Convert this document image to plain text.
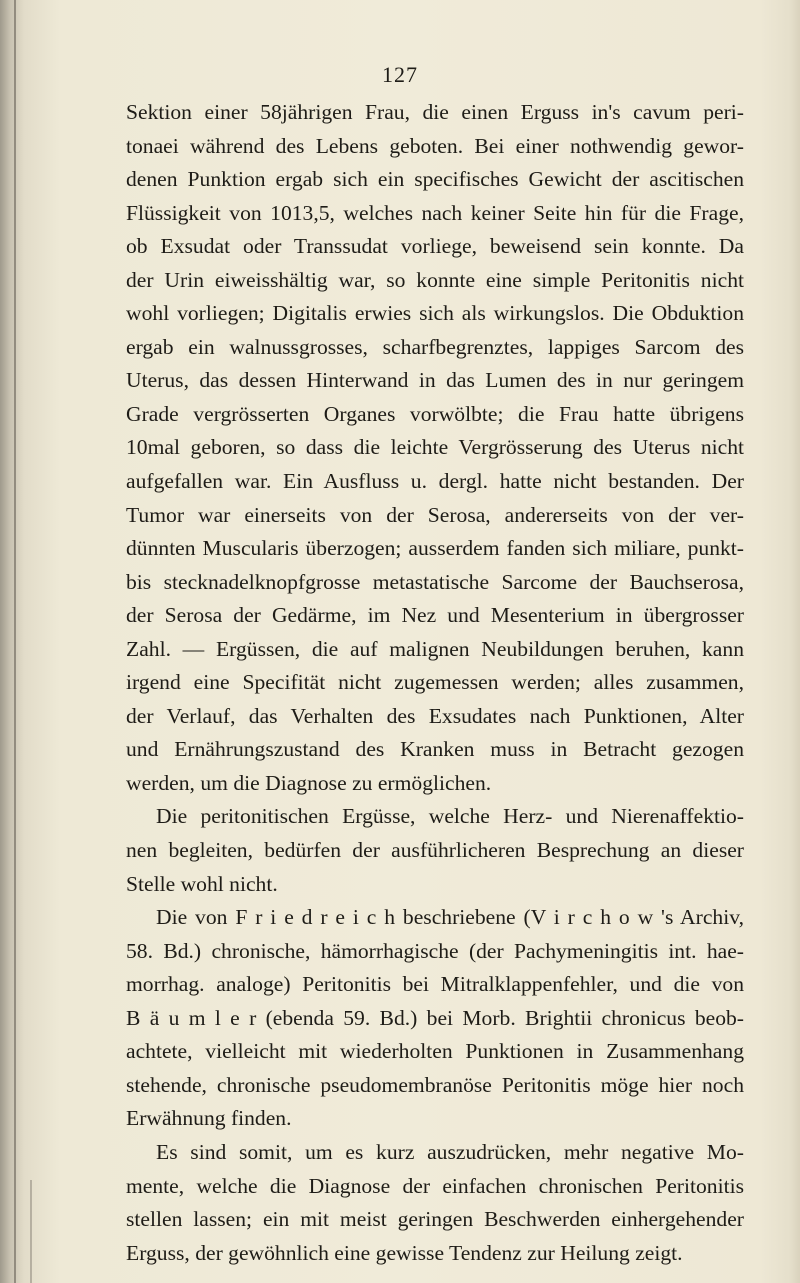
127
Sektion einer 58jährigen Frau, die einen Erguss in's cavum peri-
tonaei während des Lebens geboten. Bei einer nothwendig gewor-
denen Punktion ergab sich ein specifisches Gewicht der ascitischen
Flüssigkeit von 1013,5, welches nach keiner Seite hin für die Frage,
ob Exsudat oder Transsudat vorliege, beweisend sein konnte. Da
der Urin eiweisshältig war, so konnte eine simple Peritonitis nicht
wohl vorliegen; Digitalis erwies sich als wirkungslos. Die Obduktion
ergab ein walnussgrosses, scharfbegrenztes, lappiges Sarcom des
Uterus, das dessen Hinterwand in das Lumen des in nur geringem
Grade vergrösserten Organes vorwölbte; die Frau hatte übrigens
10mal geboren, so dass die leichte Vergrösserung des Uterus nicht
aufgefallen war. Ein Ausfluss u. dergl. hatte nicht bestanden. Der
Tumor war einerseits von der Serosa, andererseits von der ver-
dünnten Muscularis überzogen; ausserdem fanden sich miliare, punkt-
bis stecknadelknopfgrosse metastatische Sarcome der Bauchserosa,
der Serosa der Gedärme, im Nez und Mesenterium in übergrosser
Zahl. — Ergüssen, die auf malignen Neubildungen beruhen, kann
irgend eine Specifität nicht zugemessen werden; alles zusammen,
der Verlauf, das Verhalten des Exsudates nach Punktionen, Alter
und Ernährungszustand des Kranken muss in Betracht gezogen
werden, um die Diagnose zu ermöglichen.
Die peritonitischen Ergüsse, welche Herz- und Nierenaffektio-
nen begleiten, bedürfen der ausführlicheren Besprechung an dieser
Stelle wohl nicht.
Die von F r i e d r e i c h beschriebene (V i r c h o w 's Archiv,
58. Bd.) chronische, hämorrhagische (der Pachymeningitis int. hae-
morrhag. analoge) Peritonitis bei Mitralklappenfehler, und die von
B ä u m l e r (ebenda 59. Bd.) bei Morb. Brightii chronicus beob-
achtete, vielleicht mit wiederholten Punktionen in Zusammenhang
stehende, chronische pseudomembranöse Peritonitis möge hier noch
Erwähnung finden.
Es sind somit, um es kurz auszudrücken, mehr negative Mo-
mente, welche die Diagnose der einfachen chronischen Peritonitis
stellen lassen; ein mit meist geringen Beschwerden einhergehender
Erguss, der gewöhnlich eine gewisse Tendenz zur Heilung zeigt.
